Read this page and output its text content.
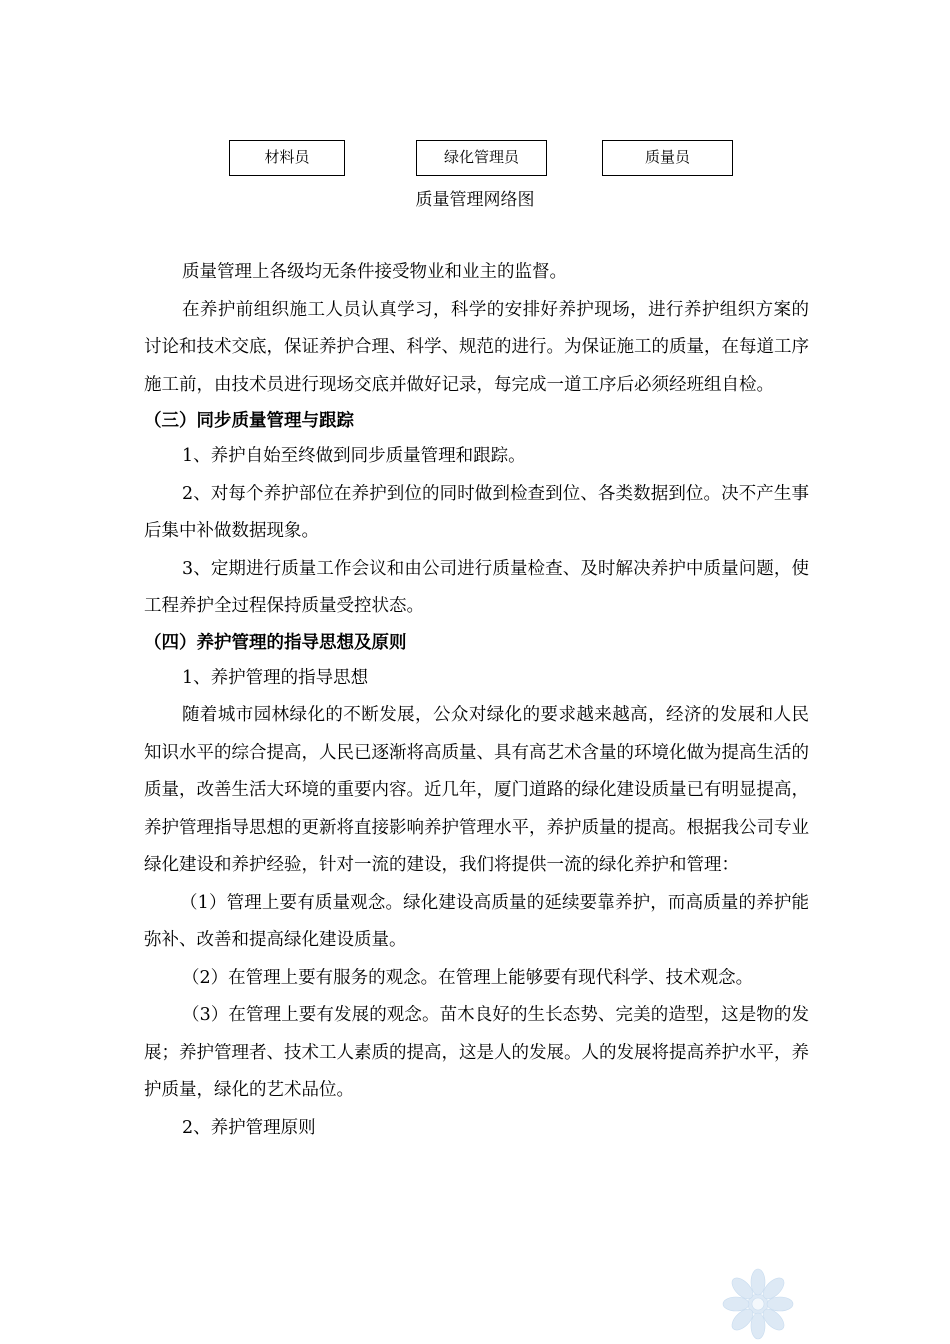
材料员	绿化管理员	质量员
质量管理网络图

质量管理上各级均无条件接受物业和业主的监督。

在养护前组织施工人员认真学习，科学的安排好养护现场，进行养护组织方案的讨论和技术交底，保证养护合理、科学、规范的进行。为保证施工的质量，在每道工序施工前，由技术员进行现场交底并做好记录，每完成一道工序后必须经班组自检。

（三）同步质量管理与跟踪

1、养护自始至终做到同步质量管理和跟踪。

2、对每个养护部位在养护到位的同时做到检查到位、各类数据到位。决不产生事后集中补做数据现象。

3、定期进行质量工作会议和由公司进行质量检查、及时解决养护中质量问题，使工程养护全过程保持质量受控状态。

（四）养护管理的指导思想及原则

1、养护管理的指导思想

随着城市园林绿化的不断发展，公众对绿化的要求越来越高，经济的发展和人民知识水平的综合提高，人民已逐渐将高质量、具有高艺术含量的环境化做为提高生活的质量，改善生活大环境的重要内容。近几年，厦门道路的绿化建设质量已有明显提高，养护管理指导思想的更新将直接影响养护管理水平，养护质量的提高。根据我公司专业绿化建设和养护经验，针对一流的建设，我们将提供一流的绿化养护和管理：

（1）管理上要有质量观念。绿化建设高质量的延续要靠养护，而高质量的养护能弥补、改善和提高绿化建设质量。

（2）在管理上要有服务的观念。在管理上能够要有现代科学、技术观念。

（3）在管理上要有发展的观念。苗木良好的生长态势、完美的造型，这是物的发展；养护管理者、技术工人素质的提高，这是人的发展。人的发展将提高养护水平，养护质量，绿化的艺术品位。

2、养护管理原则
